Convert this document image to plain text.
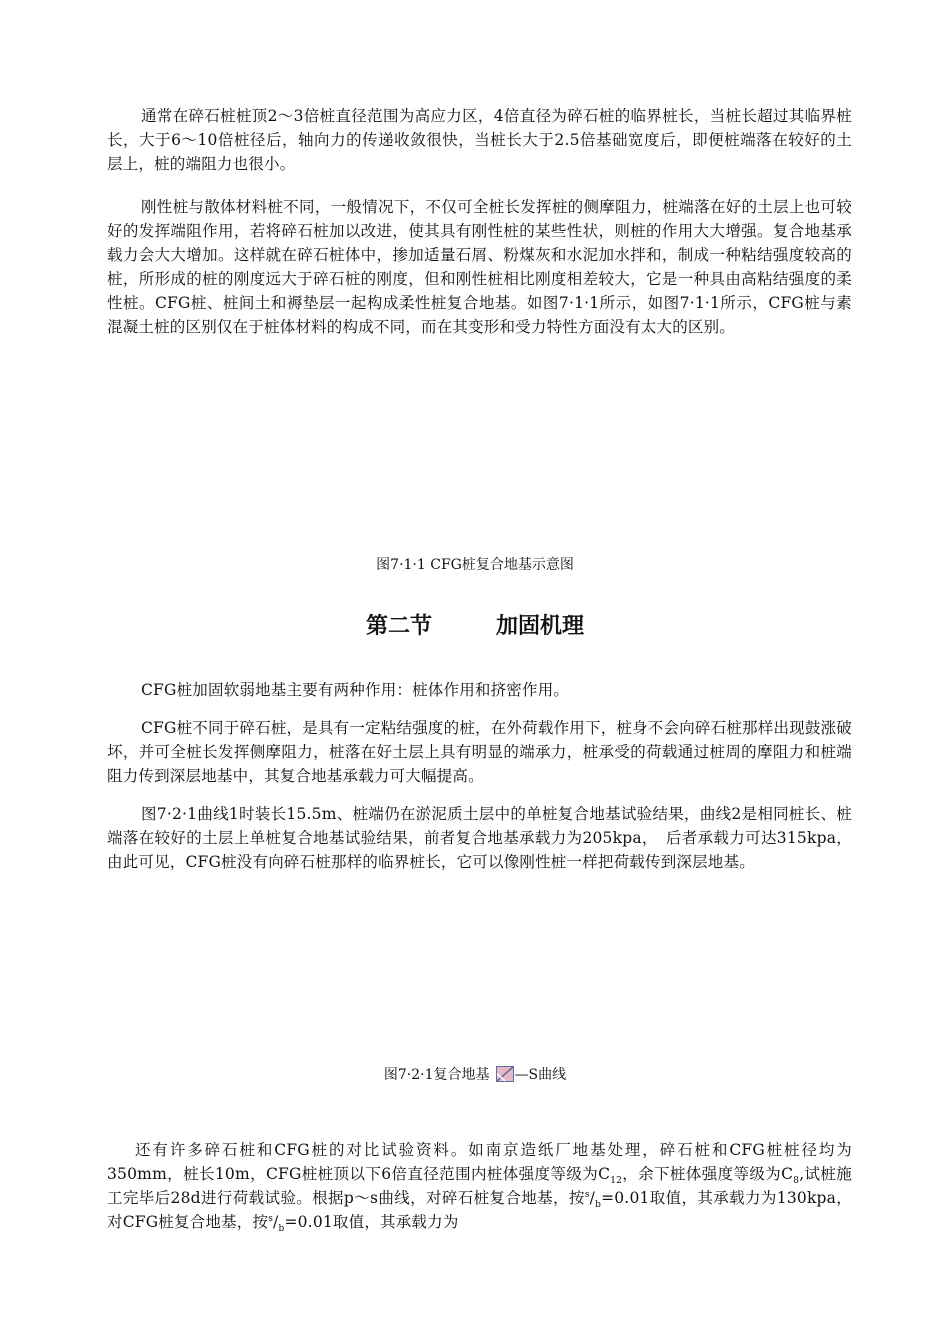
通常在碎石桩桩顶2～3倍桩直径范围为高应力区，4倍直径为碎石桩的临界桩长，当桩长超过其临界桩长，大于6～10倍桩径后，轴向力的传递收敛很快，当桩长大于2.5倍基础宽度后，即便桩端落在较好的土层上，桩的端阻力也很小。

刚性桩与散体材料桩不同，一般情况下，不仅可全桩长发挥桩的侧摩阻力，桩端落在好的土层上也可较好的发挥端阻作用，若将碎石桩加以改进，使其具有刚性桩的某些性状，则桩的作用大大增强。复合地基承载力会大大增加。这样就在碎石桩体中，掺加适量石屑、粉煤灰和水泥加水拌和，制成一种粘结强度较高的桩，所形成的桩的刚度远大于碎石桩的刚度，但和刚性桩相比刚度相差较大，它是一种具由高粘结强度的柔性桩。CFG桩、桩间土和褥垫层一起构成柔性桩复合地基。如图7·1·1所示，如图7·1·1所示，CFG桩与素混凝土桩的区别仅在于桩体材料的构成不同，而在其变形和受力特性方面没有太大的区别。

图7·1·1 CFG桩复合地基示意图
第二节	加固机理

CFG桩加固软弱地基主要有两种作用：桩体作用和挤密作用。

CFG桩不同于碎石桩，是具有一定粘结强度的桩，在外荷载作用下，桩身不会向碎石桩那样出现鼓涨破坏，并可全桩长发挥侧摩阻力，桩落在好土层上具有明显的端承力，桩承受的荷载通过桩周的摩阻力和桩端阻力传到深层地基中，其复合地基承载力可大幅提高。

图7·2·1曲线1时装长15.5m、桩端仍在淤泥质土层中的单桩复合地基试验结果，曲线2是相同桩长、桩端落在较好的土层上单桩复合地基试验结果，前者复合地基承载力为205kpa，　后者承载力可达315kpa，由此可见，CFG桩没有向碎石桩那样的临界桩长，它可以像刚性桩一样把荷载传到深层地基。

图7·2·1复合地基 —S曲线

还有许多碎石桩和CFG桩的对比试验资料。如南京造纸厂地基处理，碎石桩和CFG桩桩径均为350mm，桩长10m，CFG桩桩顶以下6倍直径范围内桩体强度等级为$C_{12}$，余下桩体强度等级为$C_8$,试桩施工完毕后28d进行荷载试验。根据p～s曲线，对碎石桩复合地基，按$^s/_b=0.01$取值，其承载力为130kpa，对CFG桩复合地基，按$^s/_b=0.01$取值，其承载力为
